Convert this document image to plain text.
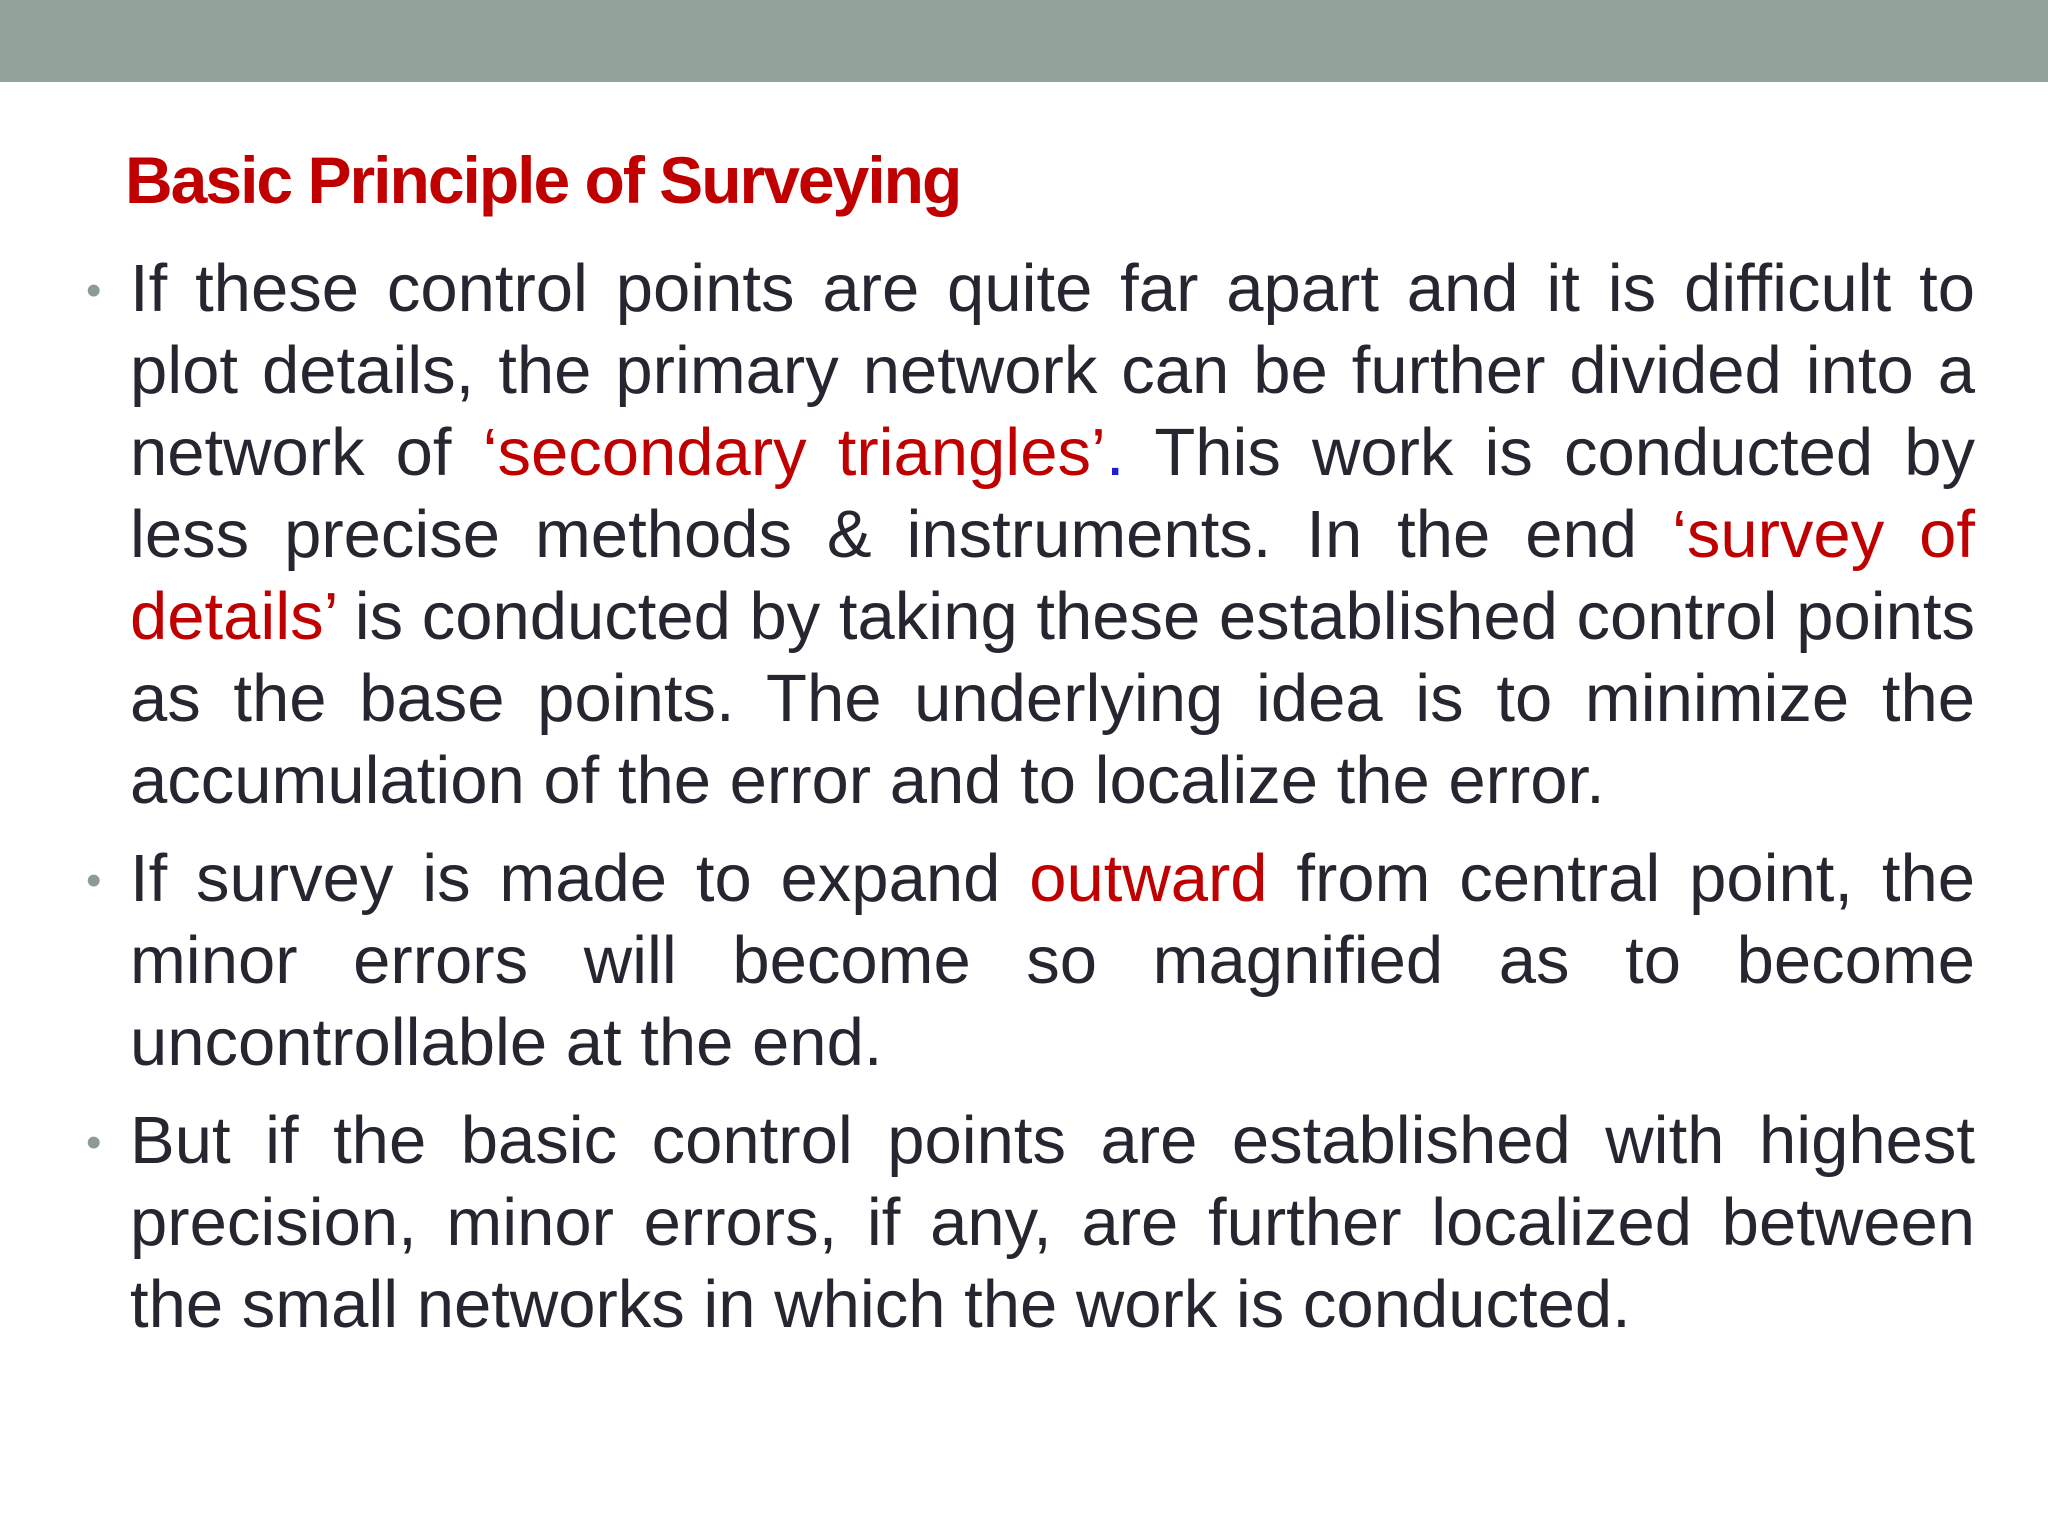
Basic Principle of Surveying
• If these control points are quite far apart and it is difficult to plot details, the primary network can be further divided into a network of ‘secondary triangles’. This work is conducted by less precise methods & instruments. In the end ‘survey of details’ is conducted by taking these established control points as the base points. The underlying idea is to minimize the accumulation of the error and to localize the error.
• If survey is made to expand outward from central point, the minor errors will become so magnified as to become uncontrollable at the end.
• But if the basic control points are established with highest precision, minor errors, if any, are further localized between the small networks in which the work is conducted.
